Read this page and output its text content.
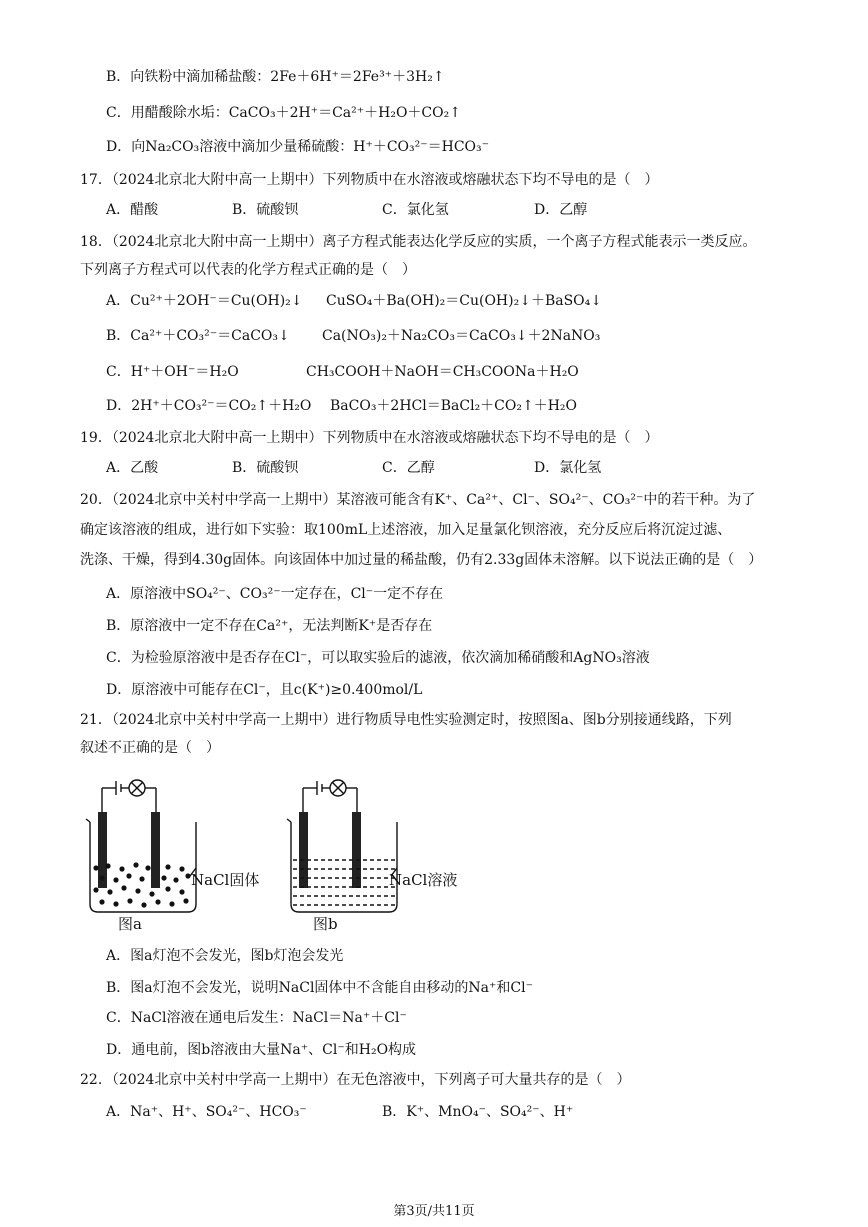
B．向铁粉中滴加稀盐酸：2Fe＋6H⁺＝2Fe³⁺＋3H₂↑
C．用醋酸除水垢：CaCO₃＋2H⁺＝Ca²⁺＋H₂O＋CO₂↑
D．向Na₂CO₃溶液中滴加少量稀硫酸：H⁺＋CO₃²⁻＝HCO₃⁻
17．（2024北京北大附中高一上期中）下列物质中在水溶液或熔融状态下均不导电的是（　）
A．醋酸	B．硫酸钡	C．氯化氢	D．乙醇
18．（2024北京北大附中高一上期中）离子方程式能表达化学反应的实质，一个离子方程式能表示一类反应。
下列离子方程式可以代表的化学方程式正确的是（　）
A．Cu²⁺＋2OH⁻＝Cu(OH)₂↓ CuSO₄＋Ba(OH)₂＝Cu(OH)₂↓＋BaSO₄↓
B．Ca²⁺＋CO₃²⁻＝CaCO₃↓ Ca(NO₃)₂＋Na₂CO₃＝CaCO₃↓＋2NaNO₃
C．H⁺＋OH⁻＝H₂O	CH₃COOH＋NaOH＝CH₃COONa＋H₂O
D．2H⁺＋CO₃²⁻＝CO₂↑＋H₂O BaCO₃＋2HCl＝BaCl₂＋CO₂↑＋H₂O
19．（2024北京北大附中高一上期中）下列物质中在水溶液或熔融状态下均不导电的是（　）
A．乙酸	B．硫酸钡	C．乙醇	D．氯化氢
20．（2024北京中关村中学高一上期中）某溶液可能含有K⁺、Ca²⁺、Cl⁻、SO₄²⁻、CO₃²⁻中的若干种。为了
确定该溶液的组成，进行如下实验：取100mL上述溶液，加入足量氯化钡溶液，充分反应后将沉淀过滤、
洗涤、干燥，得到4.30g固体。向该固体中加过量的稀盐酸，仍有2.33g固体未溶解。以下说法正确的是（　）
A．原溶液中SO₄²⁻、CO₃²⁻一定存在，Cl⁻一定不存在
B．原溶液中一定不存在Ca²⁺，无法判断K⁺是否存在
C．为检验原溶液中是否存在Cl⁻，可以取实验后的滤液，依次滴加稀硝酸和AgNO₃溶液
D．原溶液中可能存在Cl⁻，且c(K⁺)≥0.400mol/L
21．（2024北京中关村中学高一上期中）进行物质导电性实验测定时，按照图a、图b分别接通线路，下列
叙述不正确的是（　）
NaCl固体
图a
NaCl溶液
图b
A．图a灯泡不会发光，图b灯泡会发光
B．图a灯泡不会发光，说明NaCl固体中不含能自由移动的Na⁺和Cl⁻
C．NaCl溶液在通电后发生：NaCl＝Na⁺＋Cl⁻
D．通电前，图b溶液由大量Na⁺、Cl⁻和H₂O构成
22．（2024北京中关村中学高一上期中）在无色溶液中，下列离子可大量共存的是（　）
A．Na⁺、H⁺、SO₄²⁻、HCO₃⁻	B．K⁺、MnO₄⁻、SO₄²⁻、H⁺
第3页/共11页
